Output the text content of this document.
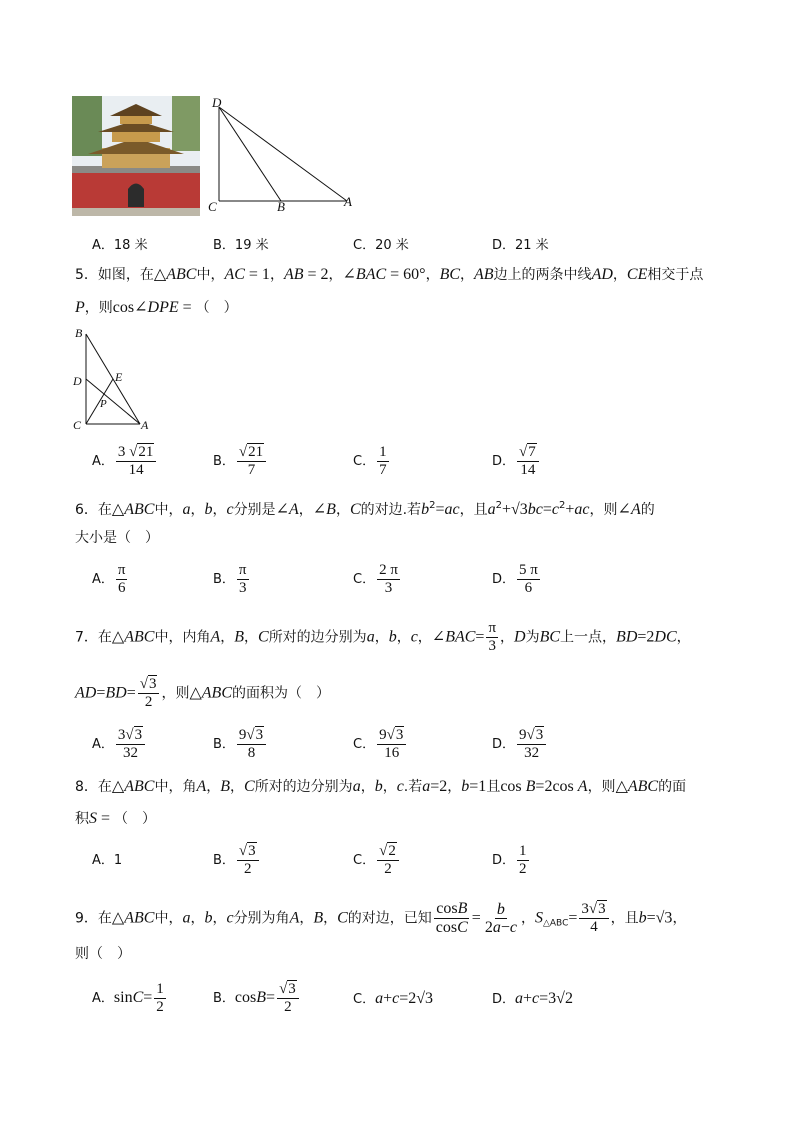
D
C	B	A
A．18 米	B．19 米	C．20 米	D．21 米
5．如图，在△ABC中，AC = 1，AB = 2，∠BAC = 60°，BC，AB边上的两条中线AD，CE相交于点
P，则cos∠DPE = （　）
B
D	E
P
C	A
A． $\frac{3 √21}{14}$	B． $\frac{√21}{7}$	C． $\frac{1}{7}$	D． $\frac{√7}{14}$
6．在△ABC中，a，b，c分别是∠A，∠B，C的对边.若$b^2=ac$，且$a^2+√3bc=c^2+ac$，则∠A的
大小是（　）
A． $\frac{\pi}{6}$	B． $\frac{\pi}{3}$	C． $\frac{2 \pi}{3}$	D． $\frac{5 \pi}{6}$
7．在△ABC中，内角A，B，C所对的边分别为a，b，c，∠BAC= $\frac{\pi}{3}$ ，D为BC上一点，BD=2DC，
$AD=BD= \frac{√3}{2}$ ，则△ABC的面积为（　）
A． $\frac{3√3}{32}$	B． $\frac{9√3}{8}$	C． $\frac{9√3}{16}$	D． $\frac{9√3}{32}$
8．在△ABC中，角A，B，C所对的边分别为a，b，c.若a=2，b=1且cos B=2cos A，则△ABC的面
积S = （　）
A．1	B． $\frac{√3}{2}$	C． $\frac{√2}{2}$	D． $\frac{1}{2}$
9．在△ABC中，a，b，c分别为角A，B，C的对边，已知 $\frac{\cos B}{\cos C} = \frac{b}{2a-c}$ ，$S_{\triangle ABC}= \frac{3√3}{4}$ ，且b=√3，
则（　）
A．$\sin C= \frac{1}{2}$	B．$\cos B= \frac{√3}{2}$	C．a+c=2√3	D．a+c=3√2
